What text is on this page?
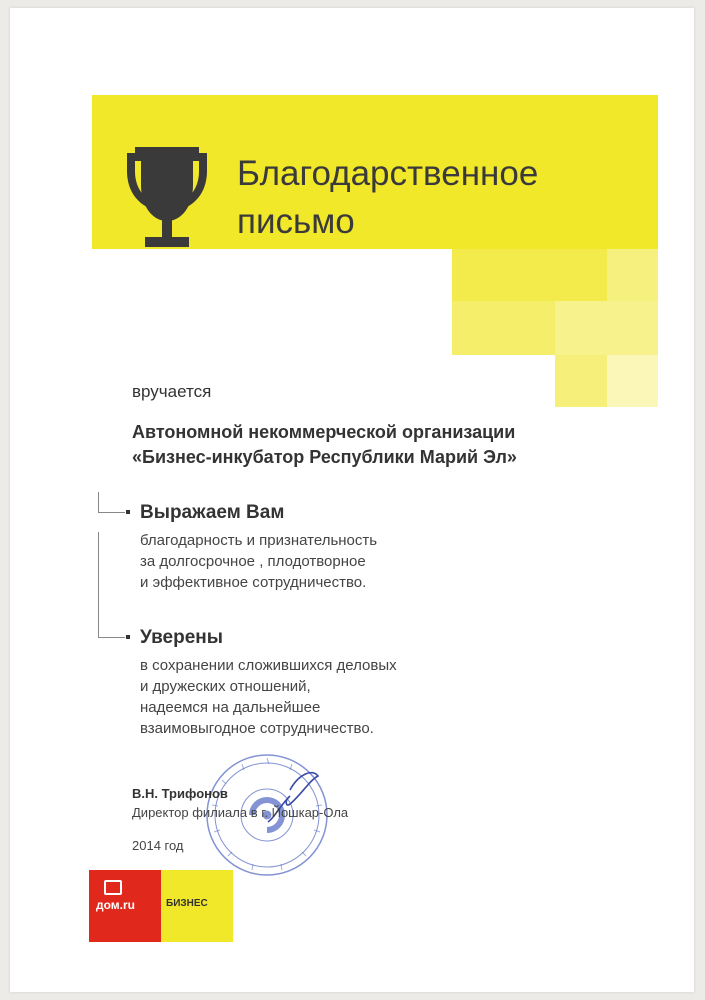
Благодарственное
письмо
вручается
Автономной некоммерческой организации
«Бизнес-инкубатор Республики Марий Эл»
Выражаем Вам
благодарность и признательность
за долгосрочное , плодотворное
и эффективное сотрудничество.
Уверены
в сохранении сложившихся деловых
и дружеских отношений,
надеемся на дальнейшее
взаимовыгодное сотрудничество.
В.Н. Трифонов
Директор филиала в г. Йошкар-Ола
2014 год
дом.ru	БИЗНЕС
